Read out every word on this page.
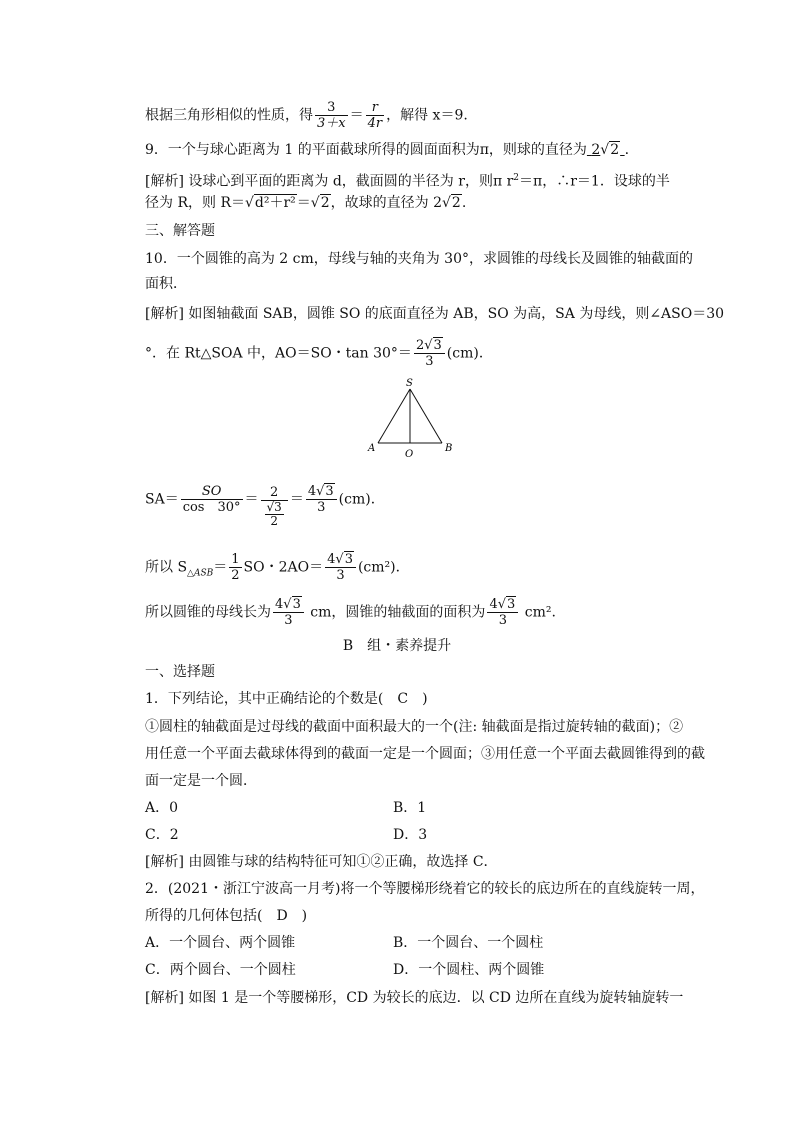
根据三角形相似的性质，得 $\frac{3}{3+x} = \frac{r}{4r}$ ，解得 x＝9.
9．一个与球心距离为 1 的平面截球所得的圆面面积为π，则球的直径为 2√2 .
[解析] 设球心到平面的距离为 d，截面圆的半径为 r，则π $r^2=\pi$，∴r＝1．设球的半
径为 R，则 R＝√d²＋r²＝√2，故球的直径为 2√2.
三、解答题
10．一个圆锥的高为 2 cm，母线与轴的夹角为 30°，求圆锥的母线长及圆锥的轴截面的
面积．
[解析] 如图轴截面 SAB，圆锥 SO 的底面直径为 AB，SO 为高，SA 为母线，则∠ASO＝30
°．在 Rt△SOA 中，AO＝SO・$\tan 30^\circ= \frac{2√3}{3} (cm)$．
S
A
O
B
$SA= \frac{SO}{\cos 30^\circ} = \frac{2}{\frac{√3}{2}} = \frac{4√3}{3} (cm)$．
所以 $S_{\triangle ASB}= \frac{1}{2}$ SO・$2AO= \frac{4√3}{3} (cm^2)$．
所以圆锥的母线长为 $\frac{4√3}{3}$ cm，圆锥的轴截面的面积为 $\frac{4√3}{3} cm^2$.
B　组・素养提升
一、选择题
1．下列结论，其中正确结论的个数是(　C　)
①圆柱的轴截面是过母线的截面中面积最大的一个(注: 轴截面是指过旋转轴的截面)；②
用任意一个平面去截球体得到的截面一定是一个圆面；③用任意一个平面去截圆锥得到的截
面一定是一个圆．
A．0	B．1
C．2	D．3
[解析] 由圆锥与球的结构特征可知①②正确，故选择 C．
2．(2021・浙江宁波高一月考)将一个等腰梯形绕着它的较长的底边所在的直线旋转一周，
所得的几何体包括(　D　)
A．一个圆台、两个圆锥	B．一个圆台、一个圆柱
C．两个圆台、一个圆柱	D．一个圆柱、两个圆锥
[解析] 如图 1 是一个等腰梯形，CD 为较长的底边．以 CD 边所在直线为旋转轴旋转一
